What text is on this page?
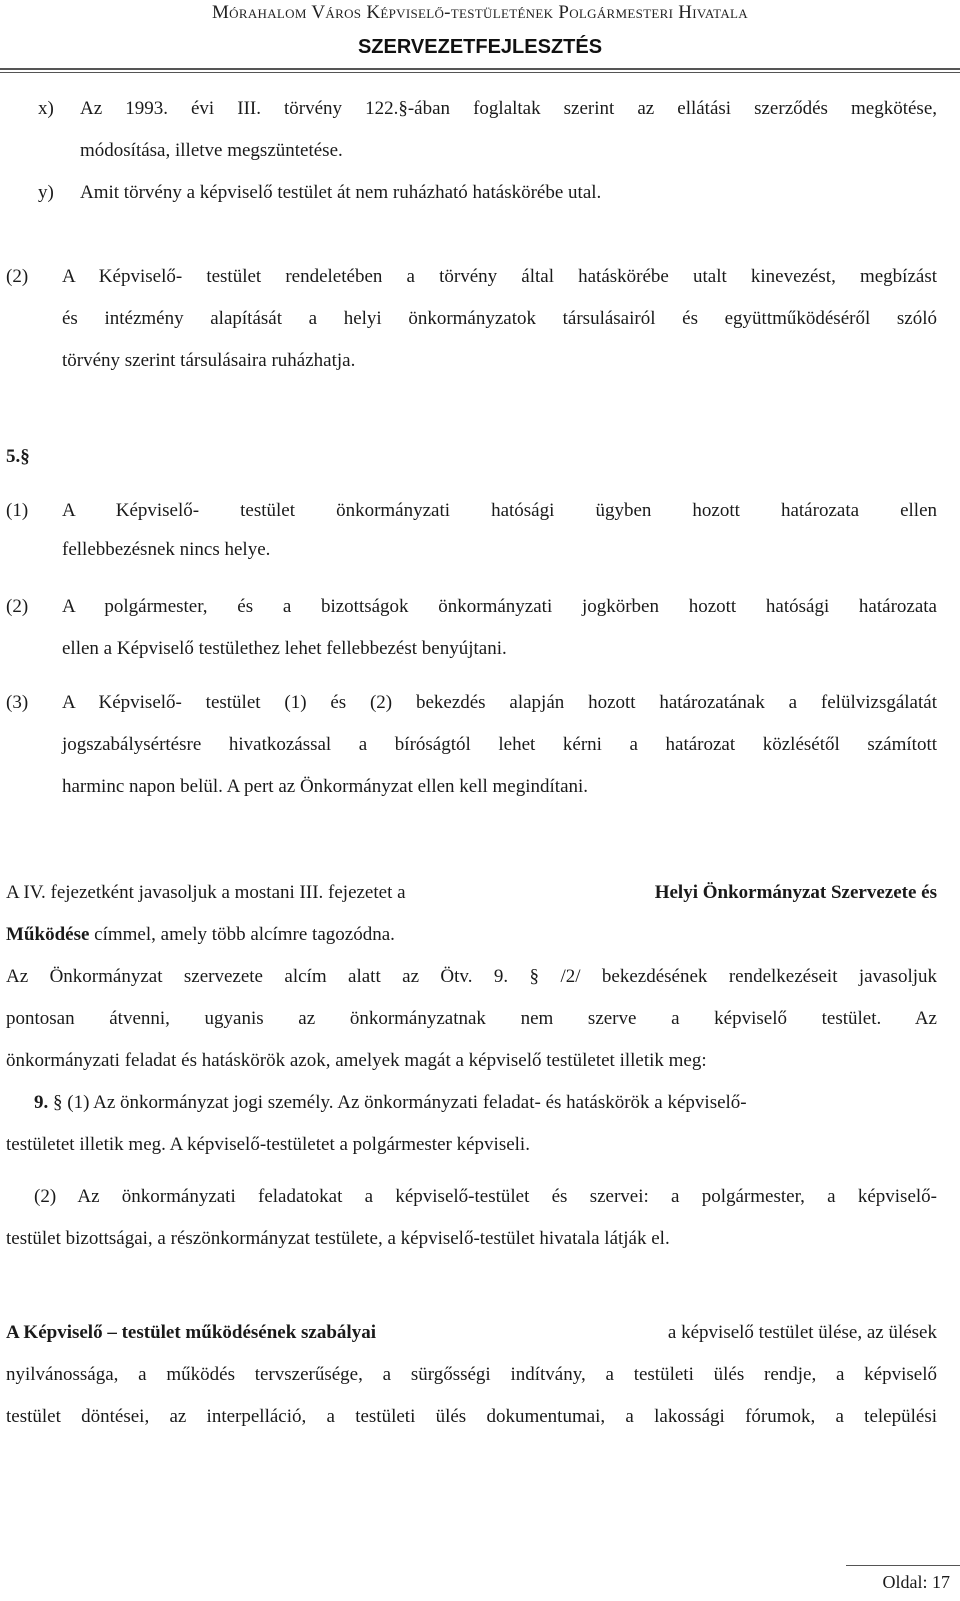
Mórahalom Város Képviselő-testületének Polgármesteri Hivatala
SZERVEZETFEJLESZTÉS
x) Az 1993. évi III. törvény 122.§-ában foglaltak szerint az ellátási szerződés megkötése,
módosítása, illetve megszüntetése.
y) Amit törvény a képviselő testület át nem ruházható hatáskörébe utal.
(2) A Képviselő- testület rendeletében a törvény által hatáskörébe utalt kinevezést, megbízást
és intézmény alapítását a helyi önkormányzatok társulásairól és együttműködéséről szóló
törvény szerint társulásaira ruházhatja.
5.§
(1) A Képviselő- testület önkormányzati hatósági ügyben hozott határozata ellen
fellebbezésnek nincs helye.
(2) A polgármester, és a bizottságok önkormányzati jogkörben hozott hatósági határozata
ellen a Képviselő testülethez lehet fellebbezést benyújtani.
(3) A Képviselő- testület (1) és (2) bekezdés alapján hozott határozatának a felülvizsgálatát
jogszabálysértésre hivatkozással a bíróságtól lehet kérni a határozat közlésétől számított
harminc napon belül. A pert az Önkormányzat ellen kell megindítani.
A IV. fejezetként javasoljuk a mostani III. fejezetet a	Helyi Önkormányzat Szervezete és
Működése címmel, amely több alcímre tagozódna.
Az Önkormányzat szervezete alcím alatt az Ötv. 9. § /2/ bekezdésének rendelkezéseit javasoljuk
pontosan átvenni, ugyanis az önkormányzatnak nem szerve a képviselő testület. Az
önkormányzati feladat és hatáskörök azok, amelyek magát a képviselő testületet illetik meg:
9. § (1) Az önkormányzat jogi személy. Az önkormányzati feladat- és hatáskörök a képviselő-
testületet illetik meg. A képviselő-testületet a polgármester képviseli.
(2) Az önkormányzati feladatokat a képviselő-testület és szervei: a polgármester, a képviselő-
testület bizottságai, a részönkormányzat testülete, a képviselő-testület hivatala látják el.
A Képviselő – testület működésének szabályai	a képviselő testület ülése, az ülések
nyilvánossága, a működés tervszerűsége, a sürgősségi indítvány, a testületi ülés rendje, a képviselő
testület döntései, az interpelláció, a testületi ülés dokumentumai, a lakossági fórumok, a települési
Oldal: 17
